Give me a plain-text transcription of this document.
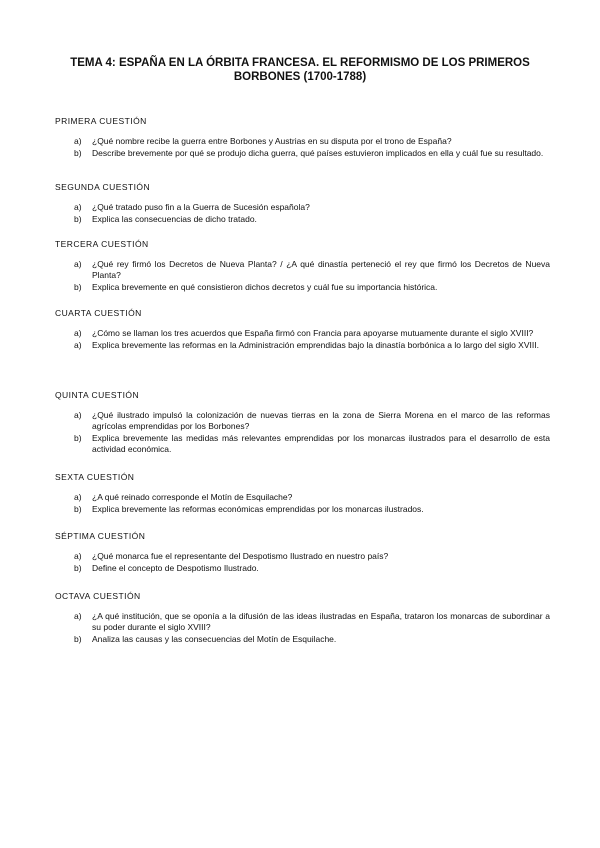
TEMA 4: ESPAÑA EN LA ÓRBITA FRANCESA. EL REFORMISMO DE LOS PRIMEROS BORBONES (1700-1788)
PRIMERA CUESTIÓN
a)	¿Qué nombre recibe la guerra entre Borbones y Austrias en su disputa por el trono de España?
b)	Describe brevemente por qué se produjo dicha guerra, qué países estuvieron implicados en ella y cuál fue su resultado.
SEGUNDA CUESTIÓN
a)	¿Qué tratado puso fin a la Guerra de Sucesión española?
b)	Explica las consecuencias de dicho tratado.
TERCERA CUESTIÓN
a)	¿Qué rey firmó los Decretos de Nueva Planta? / ¿A qué dinastía perteneció el rey que firmó los Decretos de Nueva Planta?
b)	Explica brevemente en qué consistieron dichos decretos y cuál fue su importancia histórica.
CUARTA CUESTIÓN
a)	¿Cómo se llaman los tres acuerdos que España firmó con Francia para apoyarse mutuamente durante el siglo XVIII?
a)	Explica brevemente las reformas en la Administración emprendidas bajo la dinastía borbónica a lo largo del siglo XVIII.
QUINTA CUESTIÓN
a)	¿Qué ilustrado impulsó la colonización de nuevas tierras en la zona de Sierra Morena en el marco de las reformas agrícolas emprendidas por los Borbones?
b)	Explica brevemente las medidas más relevantes emprendidas por los monarcas ilustrados para el desarrollo de esta actividad económica.
SEXTA CUESTIÓN
a)	¿A qué reinado corresponde el Motín de Esquilache?
b)	Explica brevemente las reformas económicas emprendidas por los monarcas ilustrados.
SÉPTIMA CUESTIÓN
a)	¿Qué monarca fue el representante del Despotismo Ilustrado en nuestro país?
b)	Define el concepto de Despotismo Ilustrado.
OCTAVA CUESTIÓN
a)	¿A qué institución, que se oponía a la difusión de las ideas ilustradas en España, trataron los monarcas de subordinar a su poder durante el siglo XVIII?
b)	Analiza las causas y las consecuencias del Motín de Esquilache.
